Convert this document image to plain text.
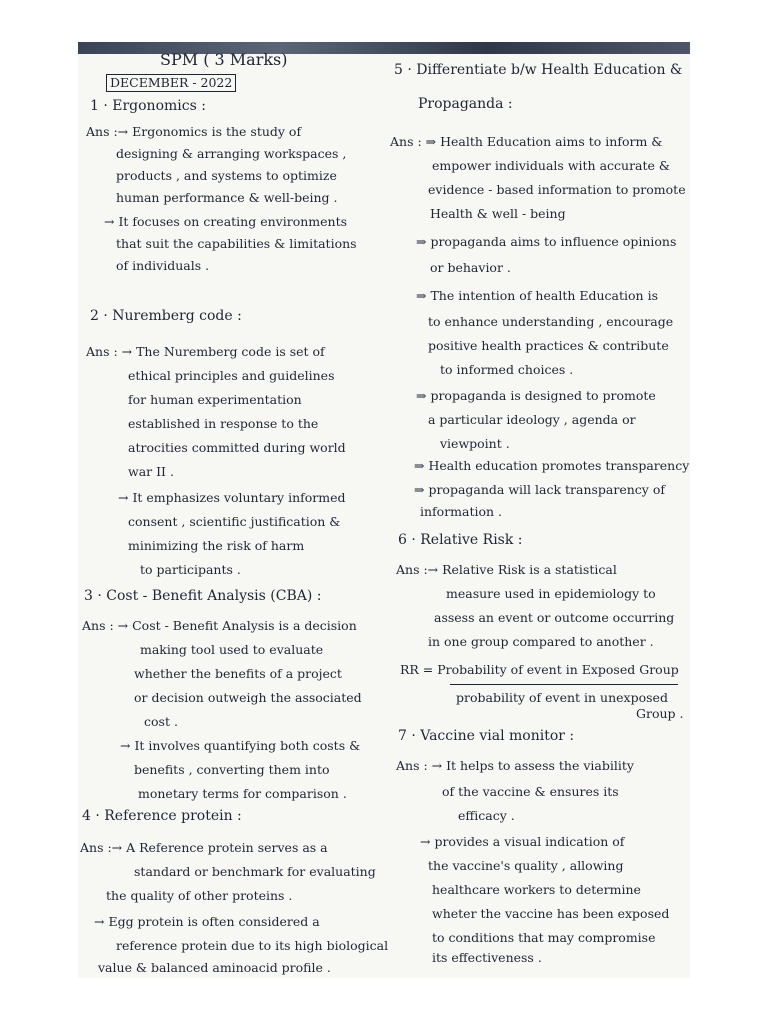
SPM ( 3 Marks)
DECEMBER - 2022
1 · Ergonomics :
Ans :→ Ergonomics is the study of
designing & arranging workspaces ,
products , and systems to optimize
human performance & well-being .
→ It focuses on creating environments
that suit the capabilities & limitations
of individuals .
2 · Nuremberg code :
Ans : → The Nuremberg code is set of
ethical principles and guidelines
for human experimentation
established in response to the
atrocities committed during world
war II .
→ It emphasizes voluntary informed
consent , scientific justification &
minimizing the risk of harm
to participants .
3 · Cost - Benefit Analysis (CBA) :
Ans : → Cost - Benefit Analysis is a decision
making tool used to evaluate
whether the benefits of a project
or decision outweigh the associated
cost .
→ It involves quantifying both costs &
benefits , converting them into
monetary terms for comparison .
4 · Reference protein :
Ans :→ A Reference protein serves as a
standard or benchmark for evaluating
the quality of other proteins .
→ Egg protein is often considered a
reference protein due to its high biological
value & balanced aminoacid profile .
5 · Differentiate b/w Health Education &
Propaganda :
Ans : ⇒ Health Education aims to inform &
empower individuals with accurate &
evidence - based information to promote
Health & well - being
⇒ propaganda aims to influence opinions
or behavior .
⇒ The intention of health Education is
to enhance understanding , encourage
positive health practices & contribute
to informed choices .
⇒ propaganda is designed to promote
a particular ideology , agenda or
viewpoint .
⇒ Health education promotes transparency
⇒ propaganda will lack transparency of
information .
6 · Relative Risk :
Ans :→ Relative Risk is a statistical
measure used in epidemiology to
assess an event or outcome occurring
in one group compared to another .
RR = Probability of event in Exposed Group
probability of event in unexposed
Group .
7 · Vaccine vial monitor :
Ans : → It helps to assess the viability
of the vaccine & ensures its
efficacy .
→ provides a visual indication of
the vaccine's quality , allowing
healthcare workers to determine
wheter the vaccine has been exposed
to conditions that may compromise
its effectiveness .
